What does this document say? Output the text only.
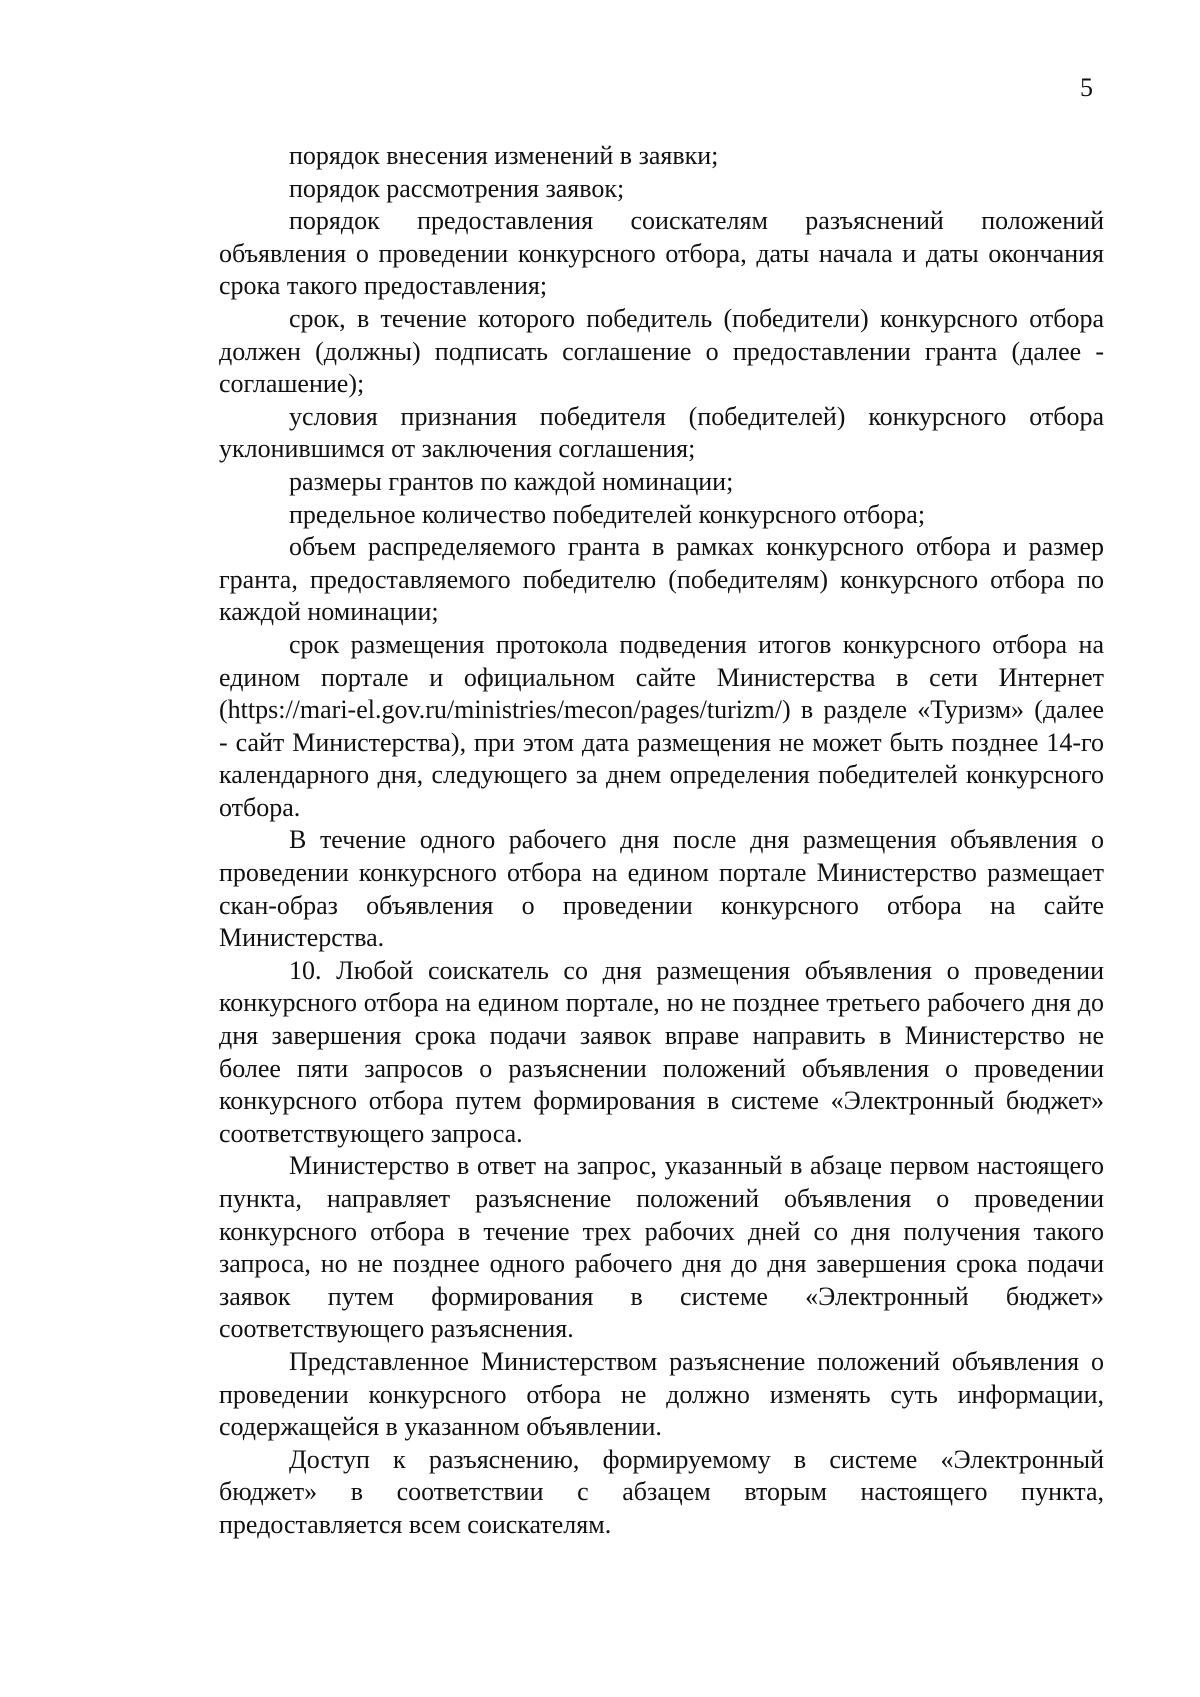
5

порядок внесения изменений в заявки;

порядок рассмотрения заявок;

порядок предоставления соискателям разъяснений положений объявления о проведении конкурсного отбора, даты начала и даты окончания срока такого предоставления;

срок, в течение которого победитель (победители) конкурсного отбора должен (должны) подписать соглашение о предоставлении гранта (далее - соглашение);

условия признания победителя (победителей) конкурсного отбора уклонившимся от заключения соглашения;

размеры грантов по каждой номинации;

предельное количество победителей конкурсного отбора;

объем распределяемого гранта в рамках конкурсного отбора и размер гранта, предоставляемого победителю (победителям) конкурсного отбора по каждой номинации;

срок размещения протокола подведения итогов конкурсного отбора на едином портале и официальном сайте Министерства в сети Интернет (https://mari-el.gov.ru/ministries/mecon/pages/turizm/) в разделе «Туризм» (далее - сайт Министерства), при этом дата размещения не может быть позднее 14-го календарного дня, следующего за днем определения победителей конкурсного отбора.

В течение одного рабочего дня после дня размещения объявления о проведении конкурсного отбора на едином портале Министерство размещает скан-образ объявления о проведении конкурсного отбора на сайте Министерства.

10. Любой соискатель со дня размещения объявления о проведении конкурсного отбора на едином портале, но не позднее третьего рабочего дня до дня завершения срока подачи заявок вправе направить в Министерство не более пяти запросов о разъяснении положений объявления о проведении конкурсного отбора путем формирования в системе «Электронный бюджет» соответствующего запроса.

Министерство в ответ на запрос, указанный в абзаце первом настоящего пункта, направляет разъяснение положений объявления о проведении конкурсного отбора в течение трех рабочих дней со дня получения такого запроса, но не позднее одного рабочего дня до дня завершения срока подачи заявок путем формирования в системе «Электронный бюджет» соответствующего разъяснения.

Представленное Министерством разъяснение положений объявления о проведении конкурсного отбора не должно изменять суть информации, содержащейся в указанном объявлении.

Доступ к разъяснению, формируемому в системе «Электронный бюджет» в соответствии с абзацем вторым настоящего пункта, предоставляется всем соискателям.
